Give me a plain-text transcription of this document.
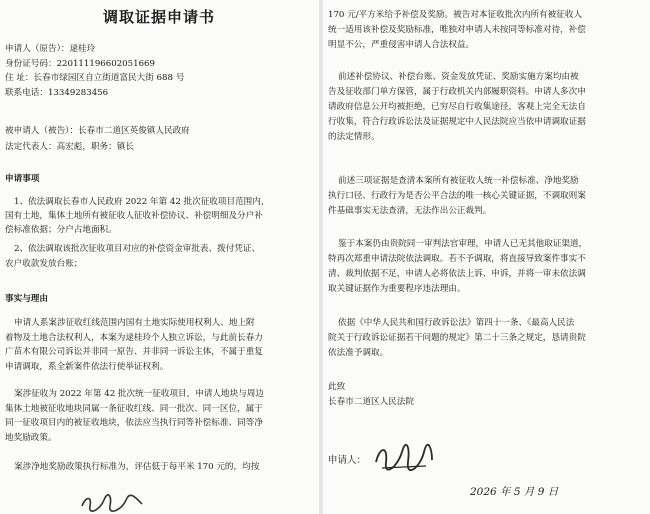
调取证据申请书
申请人（原告）：逯桂玲
身份证号码：220111196602051669
住 址：长春市绿园区自立街道富民大街 688 号
联系电话：13349283456
被申请人（被告）：长春市二道区英俊镇人民政府
法定代表人：高宏彪，职务：镇长
申请事项
1、依法调取长春市人民政府 2022 年第 42 批次征收项目范围内，
国有土地，集体土地所有被征收人征收补偿协议、补偿明细及分户补
偿标准依据；分户占地面积。
2、依法调取该批次征收项目对应的补偿资金审批表、拨付凭证、
农户收款发放台账；
事实与理由
申请人系案涉征收红线范围内国有土地实际使用权利人、地上附
着物及土地合法权利人，本案为逯桂玲个人独立诉讼，与此前长春力
广苗木有限公司诉讼并非同一原告、并非同一诉讼主体，不属于重复
申请调取，系全新案件依法行使举证权利。
案涉征收为 2022 年第 42 批次统一征收项目，申请人地块与周边
集体土地被征收地块同属一条征收红线、同一批次、同一区位，属于
同一征收项目内的被征收地块，依法应当执行同等补偿标准、同等净
地奖励政策。
案涉净地奖励政策执行标准为，评估低于每平米 170 元的，均按
170 元/平方米给予补偿及奖励。被告对本征收批次内所有被征收人
统一适用该补偿及奖励标准，唯独对申请人未按同等标准对待，补偿
明显不公，严重侵害申请人合法权益。
前述补偿协议、补偿台账、资金发放凭证、奖励实施方案均由被
告及征收部门单方保管，属于行政机关内部履职资料。申请人多次申
请政府信息公开均被拒绝，已穷尽自行收集途径，客观上完全无法自
行收集，符合行政诉讼法及证据规定中人民法院应当依申请调取证据
的法定情形。
前述三项证据是查清本案所有被征收人统一补偿标准、净地奖励
执行口径、行政行为是否公平合法的唯一核心关键证据，不调取则案
件基础事实无法查清，无法作出公正裁判。
鉴于本案仍由贵院同一审判法官审理，申请人已无其他取证渠道，
特再次郑重申请法院依法调取。若不予调取，将直接导致案件事实不
清、裁判依据不足，申请人必将依法上诉、申诉，并将一审未依法调
取关键证据作为重要程序违法理由。
依据《中华人民共和国行政诉讼法》第四十一条、《最高人民法
院关于行政诉讼证据若干问题的规定》第二十三条之规定，恳请贵院
依法准予调取。
此致
长春市二道区人民法院
申请人：
2026 年 5 月 9 日
